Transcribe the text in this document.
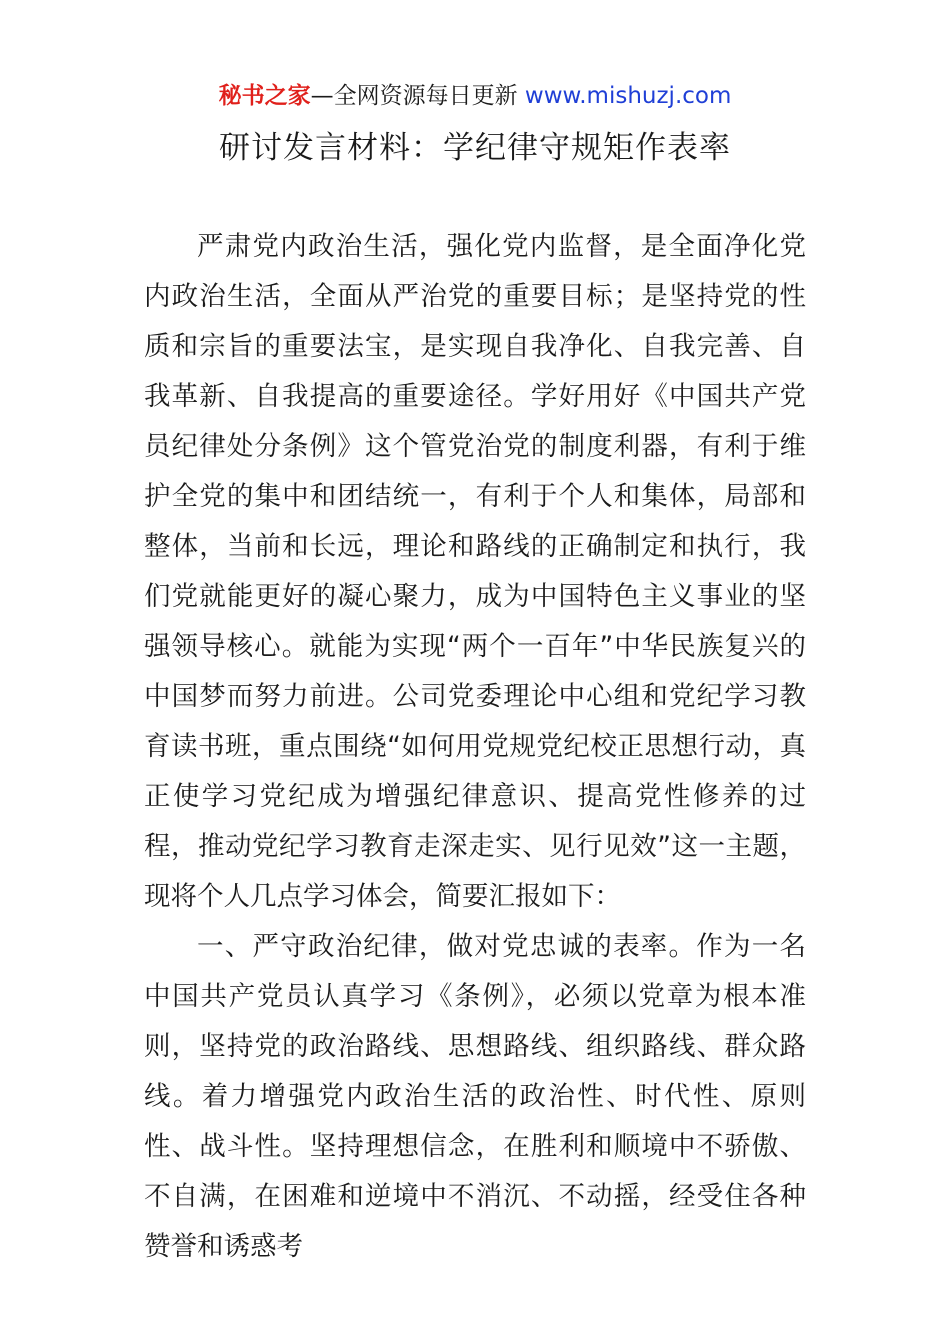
秘书之家—全网资源每日更新 www.mishuzj.com
研讨发言材料：学纪律守规矩作表率

严肃党内政治生活，强化党内监督，是全面净化党内政治生活，全面从严治党的重要目标；是坚持党的性质和宗旨的重要法宝，是实现自我净化、自我完善、自我革新、自我提高的重要途径。学好用好《中国共产党员纪律处分条例》这个管党治党的制度利器，有利于维护全党的集中和团结统一，有利于个人和集体，局部和整体，当前和长远，理论和路线的正确制定和执行，我们党就能更好的凝心聚力，成为中国特色主义事业的坚强领导核心。就能为实现“两个一百年”中华民族复兴的中国梦而努力前进。公司党委理论中心组和党纪学习教育读书班，重点围绕“如何用党规党纪校正思想行动，真正使学习党纪成为增强纪律意识、提高党性修养的过程，推动党纪学习教育走深走实、见行见效”这一主题，现将个人几点学习体会，简要汇报如下：

一、严守政治纪律，做对党忠诚的表率。作为一名中国共产党员认真学习《条例》，必须以党章为根本准则，坚持党的政治路线、思想路线、组织路线、群众路线。着力增强党内政治生活的政治性、时代性、原则性、战斗性。坚持理想信念，在胜利和顺境中不骄傲、不自满，在困难和逆境中不消沉、不动摇，经受住各种赞誉和诱惑考
